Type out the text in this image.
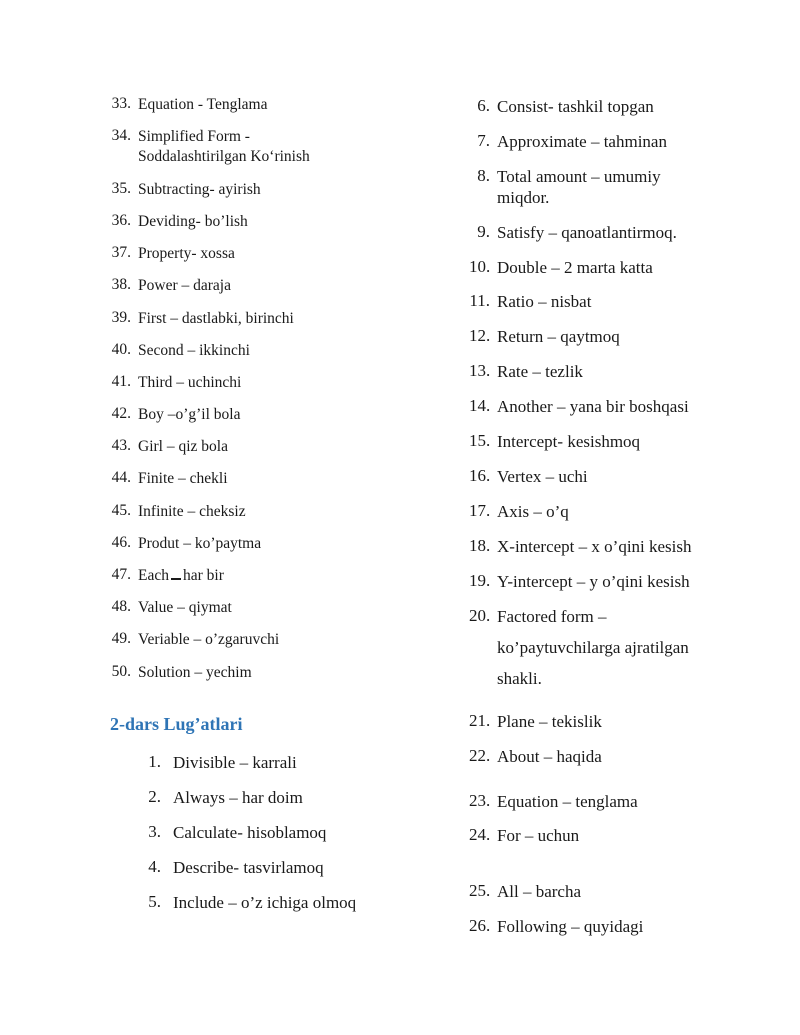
33. Equation - Tenglama
34. Simplified Form -
Soddalashtirilgan Ko‘rinish
35. Subtracting- ayirish
36. Deviding- bo’lish
37. Property- xossa
38. Power – daraja
39. First – dastlabki, birinchi
40. Second – ikkinchi
41. Third – uchinchi
42. Boy –o’g’il bola
43. Girl – qiz bola
44. Finite – chekli
45. Infinite – cheksiz
46. Produt – ko’paytma
47. Each har bir
48. Value – qiymat
49. Veriable – o’zgaruvchi
50. Solution – yechim
2-dars Lug’atlari
1. Divisible – karrali
2. Always – har doim
3. Calculate- hisoblamoq
4. Describe- tasvirlamoq
5. Include – o’z ichiga olmoq
6. Consist- tashkil topgan
7. Approximate – tahminan
8. Total amount – umumiy
miqdor.
9. Satisfy – qanoatlantirmoq.
10. Double – 2 marta katta
11. Ratio – nisbat
12. Return – qaytmoq
13. Rate – tezlik
14. Another – yana bir boshqasi
15. Intercept- kesishmoq
16. Vertex – uchi
17. Axis – o’q
18. X-intercept – x o’qini kesish
19. Y-intercept – y o’qini kesish
20. Factored form –
ko’paytuvchilarga ajratilgan
shakli.
21. Plane – tekislik
22. About – haqida
23. Equation – tenglama
24. For – uchun
25. All – barcha
26. Following – quyidagi
